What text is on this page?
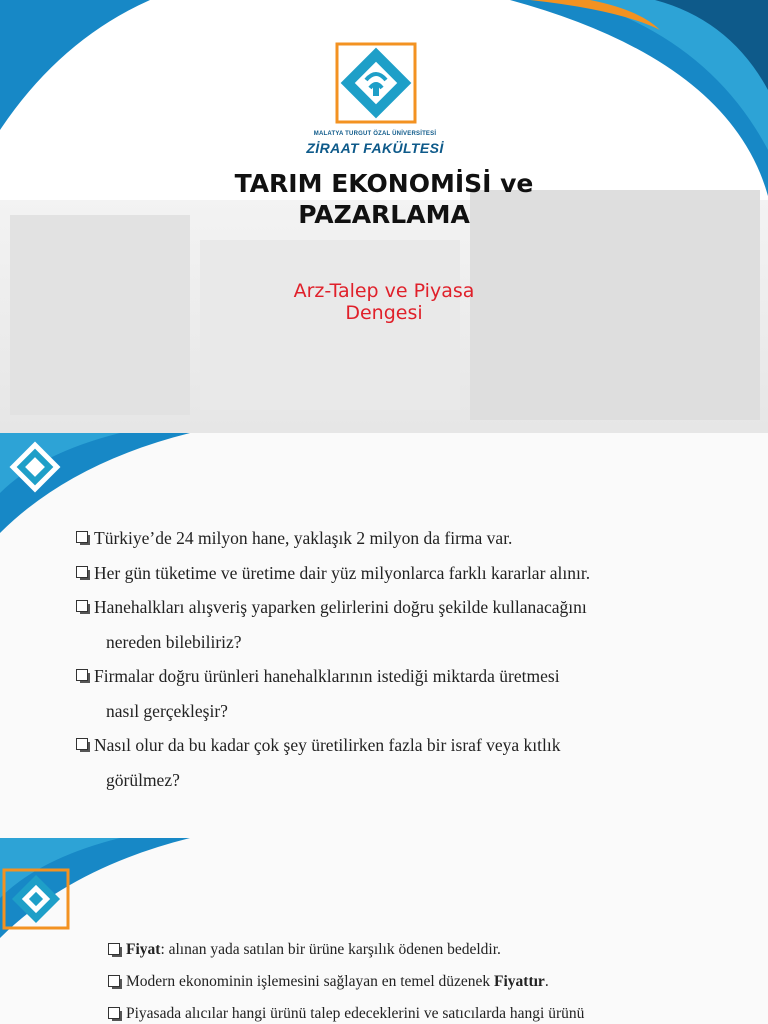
MALATYA TURGUT ÖZAL ÜNİVERSİTESİ
ZİRAAT FAKÜLTESİ
TARIM EKONOMİSİ ve
PAZARLAMA
Arz-Talep ve Piyasa
Dengesi
Türkiye’de 24 milyon hane, yaklaşık 2 milyon da firma var.
Her gün tüketime ve üretime dair yüz milyonlarca farklı kararlar alınır.
Hanehalkları alışveriş yaparken gelirlerini doğru şekilde kullanacağını
nereden bilebiliriz?
Firmalar doğru ürünleri hanehalklarının istediği miktarda üretmesi
nasıl gerçekleşir?
Nasıl olur da bu kadar çok şey üretilirken fazla bir israf veya kıtlık
görülmez?
Fiyat: alınan yada satılan bir ürüne karşılık ödenen bedeldir.
Modern ekonominin işlemesini sağlayan en temel düzenek Fiyattır.
Piyasada alıcılar hangi ürünü talep edeceklerini ve satıcılarda hangi ürünü
